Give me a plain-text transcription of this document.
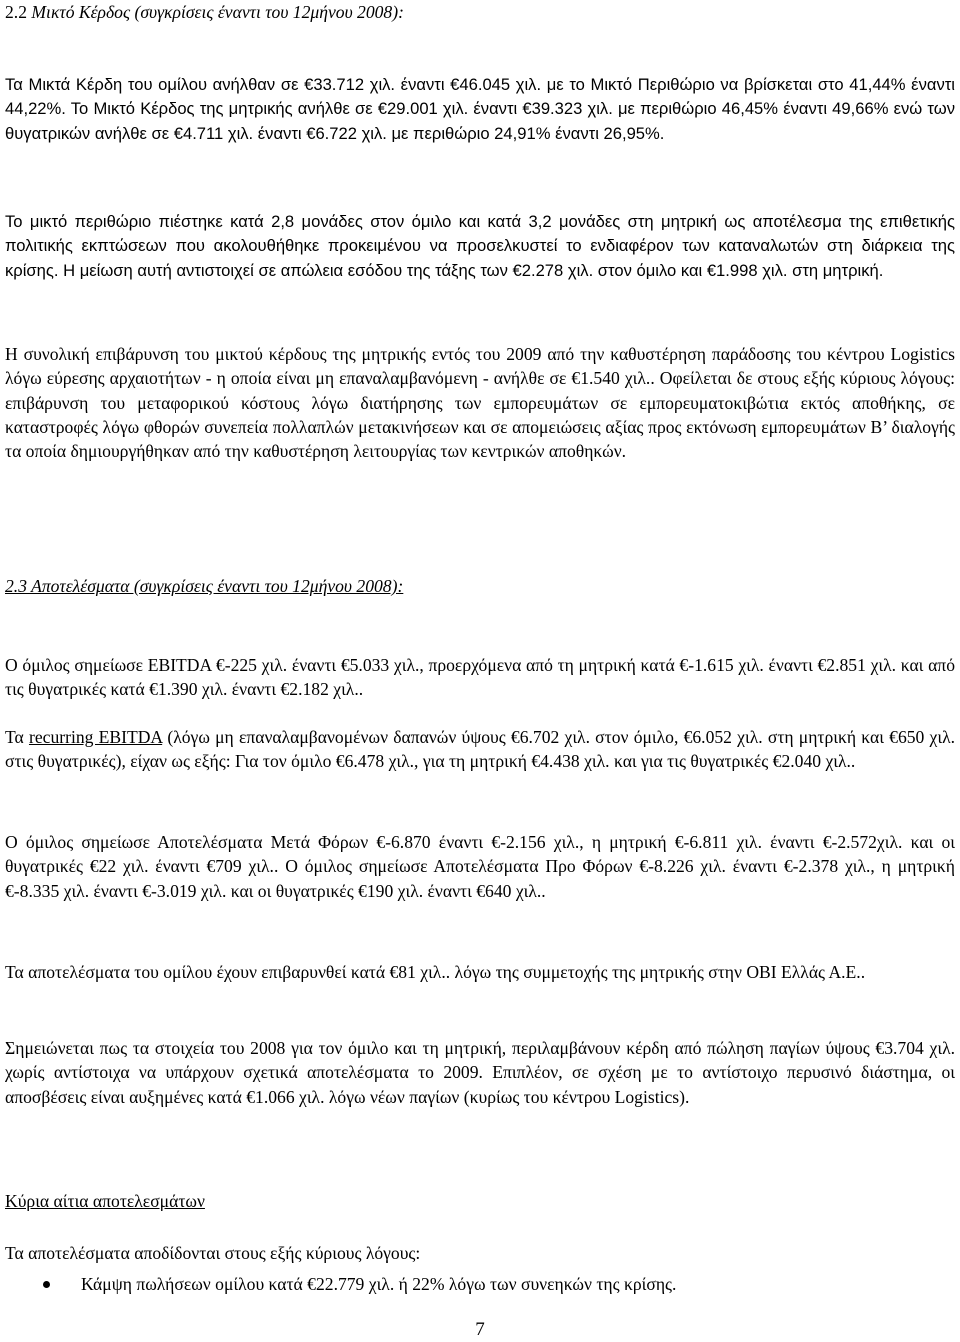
2.2 Μικτό Κέρδος (συγκρίσεις έναντι του 12μήνου 2008):

Τα Μικτά Κέρδη του ομίλου ανήλθαν σε €33.712 χιλ. έναντι €46.045 χιλ. με το Μικτό Περιθώριο να βρίσκεται στο 41,44% έναντι 44,22%. Το Μικτό Κέρδος της μητρικής ανήλθε σε €29.001 χιλ. έναντι €39.323 χιλ. με περιθώριο 46,45% έναντι 49,66% ενώ των θυγατρικών ανήλθε σε €4.711 χιλ. έναντι €6.722 χιλ. με περιθώριο 24,91% έναντι 26,95%.

Το μικτό περιθώριο πιέστηκε κατά 2,8 μονάδες στον όμιλο και κατά 3,2 μονάδες στη μητρική ως αποτέλεσμα της επιθετικής πολιτικής εκπτώσεων που ακολουθήθηκε προκειμένου να προσελκυστεί το ενδιαφέρον των καταναλωτών στη διάρκεια της κρίσης. Η μείωση αυτή αντιστοιχεί σε απώλεια εσόδου της τάξης των €2.278 χιλ. στον όμιλο και €1.998 χιλ. στη μητρική.

Η συνολική επιβάρυνση του μικτού κέρδους της μητρικής εντός του 2009 από την καθυστέρηση παράδοσης του κέντρου Logistics λόγω εύρεσης αρχαιοτήτων - η οποία είναι μη επαναλαμβανόμενη - ανήλθε σε €1.540 χιλ.. Οφείλεται δε στους εξής κύριους λόγους: επιβάρυνση του μεταφορικού κόστους λόγω διατήρησης των εμπορευμάτων σε εμπορευματοκιβώτια εκτός αποθήκης, σε καταστροφές λόγω φθορών συνεπεία πολλαπλών μετακινήσεων και σε απομειώσεις αξίας προς εκτόνωση εμπορευμάτων Β’ διαλογής τα οποία δημιουργήθηκαν από την καθυστέρηση λειτουργίας των κεντρικών αποθηκών.

2.3 Αποτελέσματα (συγκρίσεις έναντι του 12μήνου 2008):

Ο όμιλος σημείωσε EBITDA €-225 χιλ. έναντι €5.033 χιλ., προερχόμενα από τη μητρική κατά €-1.615 χιλ. έναντι €2.851 χιλ. και από τις θυγατρικές κατά €1.390 χιλ. έναντι €2.182 χιλ..

Τα recurring EBITDA (λόγω μη επαναλαμβανομένων δαπανών ύψους €6.702 χιλ. στον όμιλο, €6.052 χιλ. στη μητρική και €650 χιλ. στις θυγατρικές), είχαν ως εξής: Για τον όμιλο €6.478 χιλ., για τη μητρική €4.438 χιλ. και για τις θυγατρικές €2.040 χιλ..

Ο όμιλος σημείωσε Αποτελέσματα Μετά Φόρων €-6.870 έναντι €-2.156 χιλ., η μητρική €-6.811 χιλ. έναντι €-2.572χιλ. και οι θυγατρικές €22 χιλ. έναντι €709 χιλ.. Ο όμιλος σημείωσε Αποτελέσματα Προ Φόρων €-8.226 χιλ. έναντι €-2.378 χιλ., η μητρική €-8.335 χιλ. έναντι €-3.019 χιλ. και οι θυγατρικές €190 χιλ. έναντι €640 χιλ..

Τα αποτελέσματα του ομίλου έχουν επιβαρυνθεί κατά €81 χιλ.. λόγω της συμμετοχής της μητρικής στην OBI Ελλάς Α.Ε..

Σημειώνεται πως τα στοιχεία του 2008 για τον όμιλο και τη μητρική, περιλαμβάνουν κέρδη από πώληση παγίων ύψους €3.704 χιλ. χωρίς αντίστοιχα να υπάρχουν σχετικά αποτελέσματα το 2009. Επιπλέον, σε σχέση με το αντίστοιχο περυσινό διάστημα, οι αποσβέσεις είναι αυξημένες κατά €1.066 χιλ. λόγω νέων παγίων (κυρίως του κέντρου Logistics).

Κύρια αίτια αποτελεσμάτων

Τα αποτελέσματα αποδίδονται στους εξής κύριους λόγους:

Κάμψη πωλήσεων ομίλου κατά €22.779 χιλ. ή 22% λόγω των συνεηκών της κρίσης.
7
